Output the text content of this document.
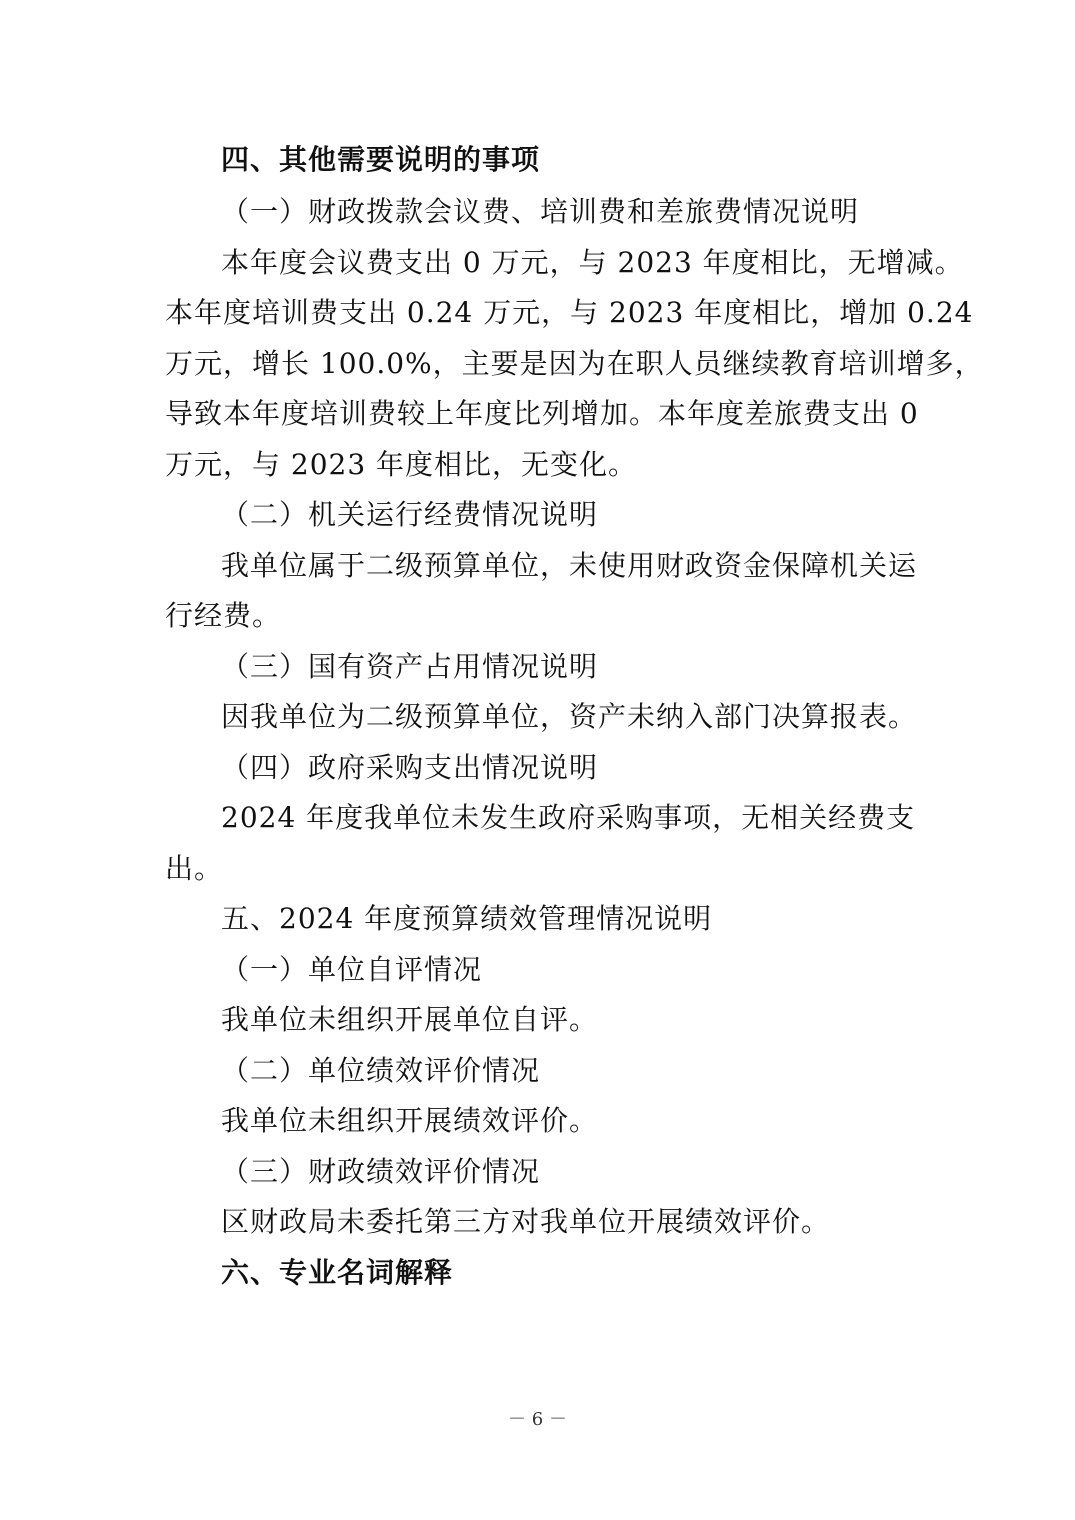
四、其他需要说明的事项
（一）财政拨款会议费、培训费和差旅费情况说明
本年度会议费支出 0 万元，与 2023 年度相比，无增减。
本年度培训费支出 0.24 万元，与 2023 年度相比，增加 0.24
万元，增长 100.0%，主要是因为在职人员继续教育培训增多，
导致本年度培训费较上年度比列增加。本年度差旅费支出 0
万元，与 2023 年度相比，无变化。
（二）机关运行经费情况说明
我单位属于二级预算单位，未使用财政资金保障机关运
行经费。
（三）国有资产占用情况说明
因我单位为二级预算单位，资产未纳入部门决算报表。
（四）政府采购支出情况说明
2024 年度我单位未发生政府采购事项，无相关经费支
出。
五、2024 年度预算绩效管理情况说明
（一）单位自评情况
我单位未组织开展单位自评。
（二）单位绩效评价情况
我单位未组织开展绩效评价。
（三）财政绩效评价情况
区财政局未委托第三方对我单位开展绩效评价。
六、专业名词解释
－ 6 －
